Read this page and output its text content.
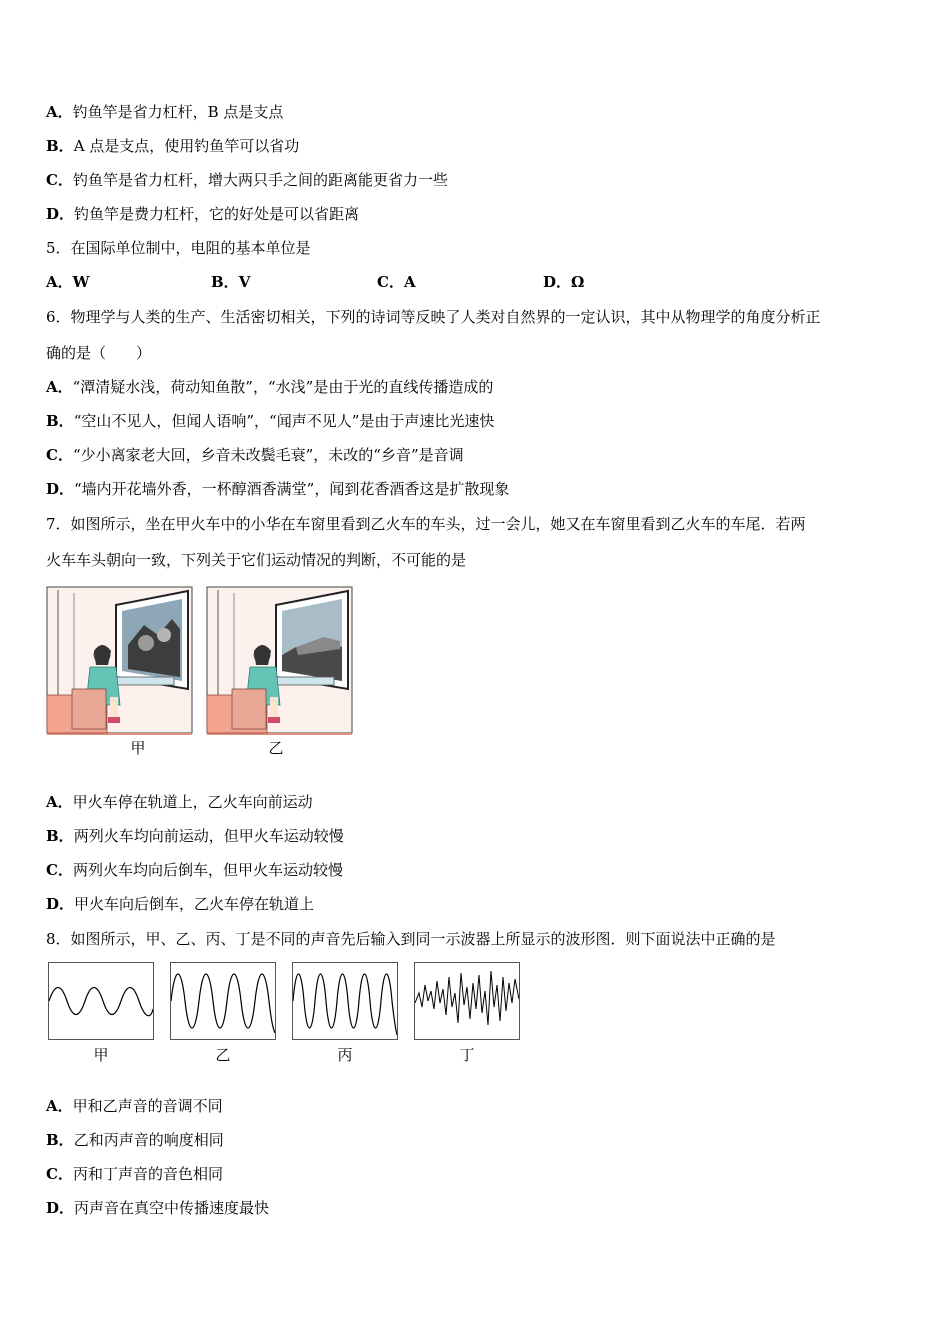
A．钓鱼竿是省力杠杆，B 点是支点
B．A 点是支点，使用钓鱼竿可以省功
C．钓鱼竿是省力杠杆，增大两只手之间的距离能更省力一些
D．钓鱼竿是费力杠杆，它的好处是可以省距离
5．在国际单位制中，电阻的基本单位是
A．W	B．V	C．A	D．Ω
6．物理学与人类的生产、生活密切相关，下列的诗词等反映了人类对自然界的一定认识，其中从物理学的角度分析正
确的是（　　）
A．“潭清疑水浅，荷动知鱼散”，“水浅”是由于光的直线传播造成的
B．“空山不见人，但闻人语响”，“闻声不见人”是由于声速比光速快
C．“少小离家老大回，乡音未改鬓毛衰”，未改的“乡音”是音调
D．“墙内开花墙外香，一杯醇酒香满堂”，闻到花香酒香这是扩散现象
7．如图所示，坐在甲火车中的小华在车窗里看到乙火车的车头，过一会儿，她又在车窗里看到乙火车的车尾．若两
火车车头朝向一致，下列关于它们运动情况的判断，不可能的是
甲	乙
A．甲火车停在轨道上，乙火车向前运动
B．两列火车均向前运动，但甲火车运动较慢
C．两列火车均向后倒车，但甲火车运动较慢
D．甲火车向后倒车，乙火车停在轨道上
8．如图所示，甲、乙、丙、丁是不同的声音先后输入到同一示波器上所显示的波形图．则下面说法中正确的是
甲	乙	丙	丁
A．甲和乙声音的音调不同
B．乙和丙声音的响度相同
C．丙和丁声音的音色相同
D．丙声音在真空中传播速度最快
